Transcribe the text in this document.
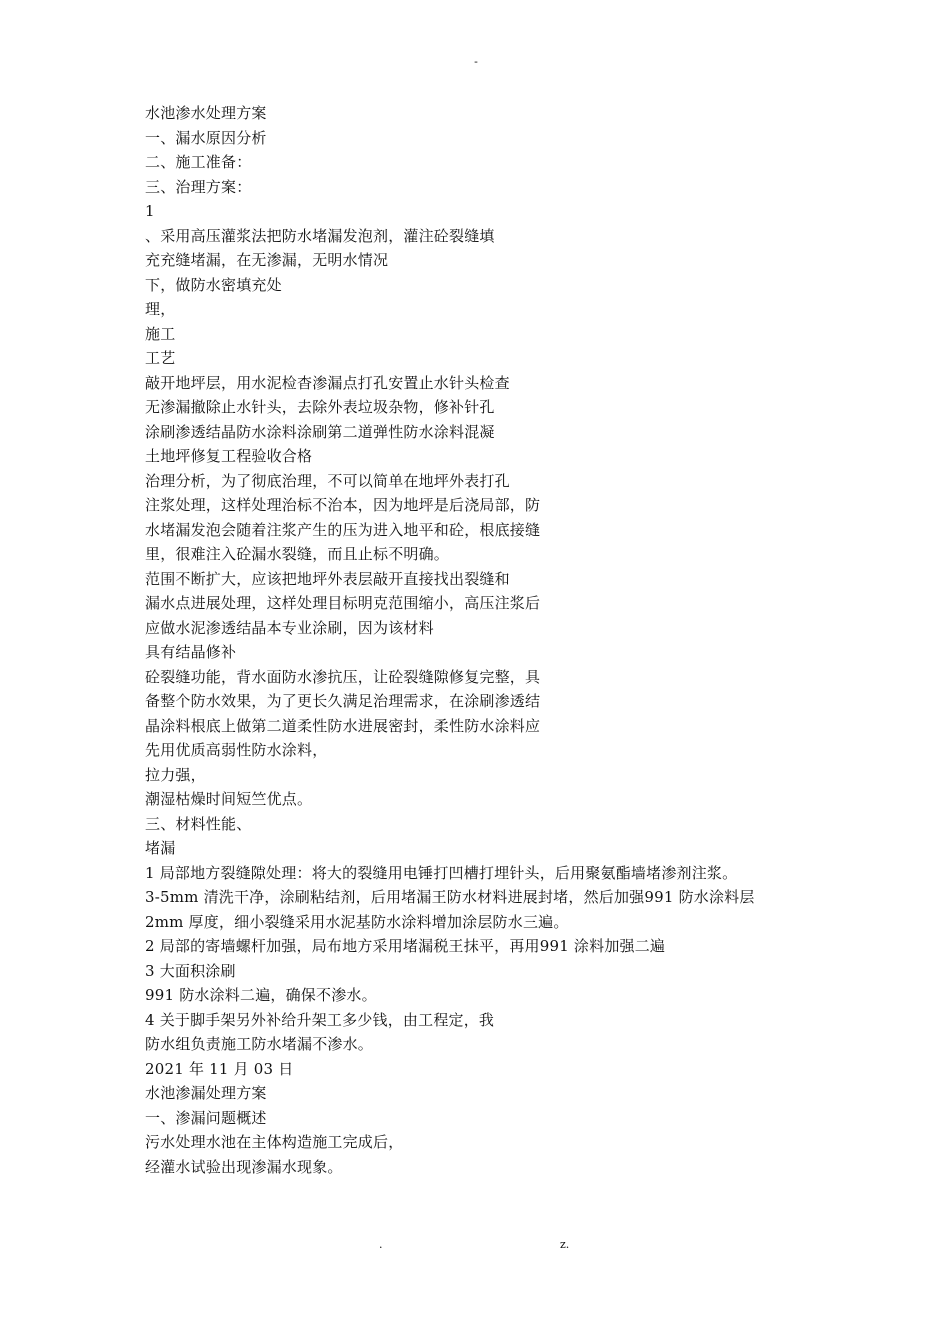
-
水池渗水处理方案
一、漏水原因分析
二、施工准备：
三、治理方案：
1
、采用高压灌浆法把防水堵漏发泡剂，灌注砼裂缝填
充充缝堵漏，在无渗漏，无明水情况
下，做防水密填充处
理，
施工
工艺
敲开地坪层，用水泥检杳渗漏点打孔安置止水针头检查
无渗漏撤除止水针头，去除外表垃圾杂物，修补针孔
涂刷渗透结晶防水涂料涂刷第二道弹性防水涂料混凝
土地坪修复工程验收合格
治理分析，为了彻底治理，不可以简单在地坪外表打孔
注浆处理，这样处理治标不治本，因为地坪是后浇局部，防
水堵漏发泡会随着注浆产生的压为进入地平和砼，根底接缝
里，很难注入砼漏水裂缝，而且止标不明确。
范围不断扩大，应该把地坪外表层敲开直接找出裂缝和
漏水点进展处理，这样处理目标明克范围缩小，高压注浆后
应做水泥渗透结晶本专业涂刷，因为该材料
具有结晶修补
砼裂缝功能，背水面防水渗抗压，让砼裂缝隙修复完整，具
备整个防水效果，为了更长久满足治理需求，在涂刷渗透结
晶涂料根底上做第二道柔性防水进展密封，柔性防水涂料应
先用优质高弱性防水涂料，
拉力强，
潮湿枯燥时间短竺优点。
三、材料性能、
堵漏
1 局部地方裂缝隙处理：将大的裂缝用电锤打凹槽打埋针头，后用聚氨酯墙堵渗剂注浆。
3-5mm 清洗干净，涂刷粘结剂，后用堵漏王防水材料进展封堵，然后加强991 防水涂料层
2mm 厚度，细小裂缝采用水泥基防水涂料增加涂层防水三遍。
2 局部的寄墙螺杆加强，局布地方采用堵漏税王抹平，再用991 涂料加强二遍
3 大面积涂刷
991 防水涂料二遍，确保不渗水。
4 关于脚手架另外补给升架工多少钱，由工程定，我
防水组负责施工防水堵漏不渗水。
2021 年 11 月 03 日
水池渗漏处理方案
一、渗漏问题概述
污水处理水池在主体构造施工完成后，
经灌水试验出现渗漏水现象。
.	z.
